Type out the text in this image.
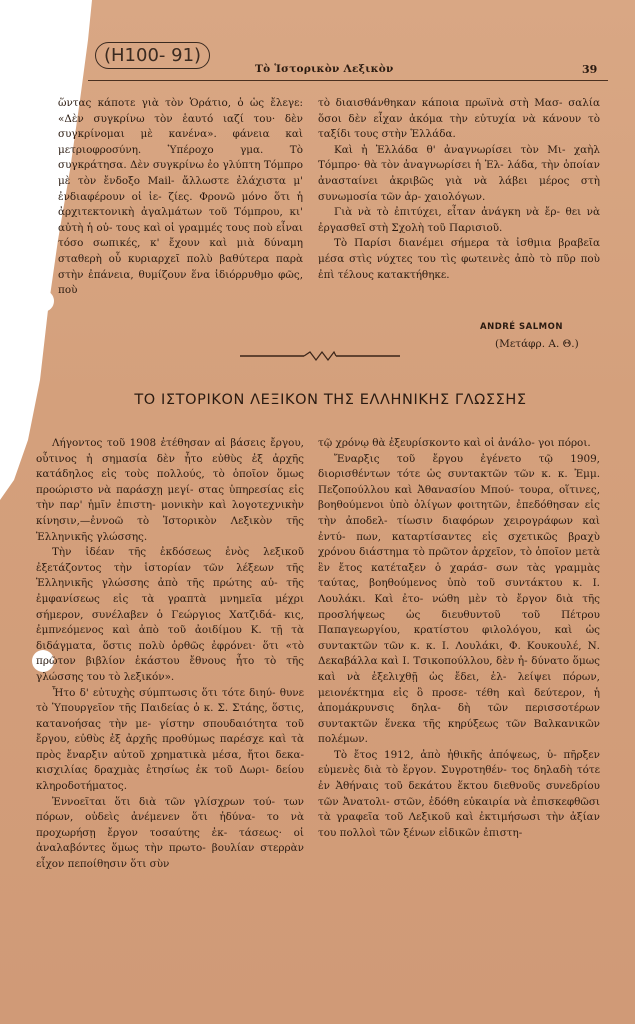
(Η100- 91)
Τὸ Ἱστορικὸν Λεξικὸν	39

ὥντας κάποτε γιὰ τὸν Ὁράτιο, ὁ ὡς ἔλεγε: «Δὲν συγκρίνω τὸν ἑαυτό ιαζί του· δὲν συγκρίνομαι μὲ κανένα». φάνεια καὶ μετριοφροσύνη. Ὑπέροχο γμα. Τὸ συγκράτησα. Δὲν συγκρίνω ἐο γλύπτη Τόμπρο μὲ τὸν ἔνδοξο Mail- ἄλλωστε ἐλάχιστα μ' ἐνδιαφέρουν οἱ ἱε- ζίες. Φρονῶ μόνο ὅτι ἡ ἀρχιτεκτονικὴ ἀγαλμάτων τοῦ Τόμπρου, κι' αὐτὴ ἡ οὐ- τους καὶ οἱ γραμμές τους ποὺ εἶναι τόσο σωπικές, κ' ἔχουν καὶ μιὰ δύναμη σταθερὴ οὗ κυριαρχεῖ πολὺ βαθύτερα παρὰ στὴν ἐπάνεια, θυμίζουν ἕνα ἰδιόρρυθμο φῶς, ποὺ

τὸ διαισθάνθηκαν κάποια πρωϊνὰ στὴ Μασ- σαλία ὅσοι δὲν εἶχαν ἀκόμα τὴν εὐτυχία νὰ κάνουν τὸ ταξίδι τους στὴν Ἑλλάδα.

Καὶ ἡ Ἑλλάδα θ' ἀναγνωρίσει τὸν Μι- χαὴλ Τόμπρο· θὰ τὸν ἀναγνωρίσει ἡ Ἑλ- λάδα, τὴν ὁποίαν ἀνασταίνει ἀκριβῶς γιὰ νὰ λάβει μέρος στὴ συνωμοσία τῶν ἀρ- χαιολόγων.

Γιὰ νὰ τὸ ἐπιτύχει, εἶταν ἀνάγκη νὰ ἔρ- θει νὰ ἐργασθεῖ στὴ Σχολὴ τοῦ Παρισιοῦ.

Τὸ Παρίσι διανέμει σήμερα τὰ ἰσθμια βραβεῖα μέσα στὶς νύχτες του τὶς φωτεινὲς ἀπὸ τὸ πῦρ ποὺ ἐπὶ τέλους κατακτήθηκε.

ANDRÉ SALMON
(Μετάφρ. Α. Θ.)
ΤΟ ΙΣΤΟΡΙΚΟΝ ΛΕΞΙΚΟΝ ΤΗΣ ΕΛΛΗΝΙΚΗΣ ΓΛΩΣΣΗΣ

Λήγοντος τοῦ 1908 ἐτέθησαν αἱ βάσεις ἔργου, οὗτινος ἡ σημασία δὲν ἦτο εὐθὺς ἐξ ἀρχῆς κατάδηλος εἰς τοὺς πολλούς, τὸ ὁποῖον ὅμως προώριστο νὰ παράσχῃ μεγί- στας ὑπηρεσίας εἰς τὴν παρ' ἡμῖν ἐπιστη- μονικὴν καὶ λογοτεχνικὴν κίνησιν,—ἐννοῶ τὸ Ἱστορικὸν Λεξικὸν τῆς Ἑλληνικῆς γλώσσης.

Τὴν ἰδέαν τῆς ἐκδόσεως ἑνὸς λεξικοῦ ἐξετάζοντος τὴν ἱστορίαν τῶν λέξεων τῆς Ἑλληνικῆς γλώσσης ἀπὸ τῆς πρώτης αὐ- τῆς ἐμφανίσεως εἰς τὰ γραπτὰ μνημεῖα μέχρι σήμερον, συνέλαβεν ὁ Γεώργιος Χατζιδά- κις, ἐμπνεόμενος καὶ ἀπὸ τοῦ ἀοιδίμου Κ. τῇ τὰ διδάγματα, ὅστις πολὺ ὀρθῶς ἐφρόνει· ὅτι «τὸ πρῶτον βιβλίον ἑκάστου ἔθνους ἦτο τὸ τῆς γλώσσης του τὸ λεξικόν».

Ἦτο δ' εὐτυχὴς σύμπτωσις ὅτι τότε διηύ- θυνε τὸ Ὑπουργεῖον τῆς Παιδείας ὁ κ. Σ. Στάης, ὅστις, κατανοήσας τὴν με- γίστην σπουδαιότητα τοῦ ἔργου, εὐθὺς ἐξ ἀρχῆς προθύμως παρέσχε καὶ τὰ πρὸς ἔναρξιν αὐτοῦ χρηματικὰ μέσα, ἤτοι δεκα- κισχιλίας δραχμὰς ἐτησίως ἐκ τοῦ Δωρι- δείου κληροδοτήματος.

Ἐννοεῖται ὅτι διὰ τῶν γλίσχρων τού- των πόρων, οὐδεὶς ἀνέμενεν ὅτι ἠδύνα- το νὰ προχωρήσῃ ἔργον τοσαύτης ἐκ- τάσεως· οἱ ἀναλαβόντες ὅμως τὴν πρωτο- βουλίαν στερρὰν εἶχον πεποίθησιν ὅτι σὺν

τῷ χρόνῳ θὰ ἐξευρίσκοντο καὶ οἱ ἀνάλο- γοι πόροι.

Ἔναρξις τοῦ ἔργου ἐγένετο τῷ 1909, διορισθέντων τότε ὡς συντακτῶν τῶν κ. κ. Ἐμμ. Πεζοπούλλου καὶ Ἀθανασίου Μπού- τουρα, οἵτινες, βοηθούμενοι ὑπὸ ὀλίγων φοιτητῶν, ἐπεδόθησαν εἰς τὴν ἀποδελ- τίωσιν διαφόρων χειρογράφων καὶ ἐντύ- πων, καταρτίσαντες εἰς σχετικῶς βραχὺ χρόνου διάστημα τὸ πρῶτον ἀρχεῖον, τὸ ὁποῖον μετὰ ἓν ἔτος κατέταξεν ὁ χαράσ- σων τὰς γραμμὰς ταύτας, βοηθούμενος ὑπὸ τοῦ συντάκτου κ. Ι. Λουλάκι. Καὶ ἐτο- νώθη μὲν τὸ ἔργον διὰ τῆς προσλήψεως ὡς διευθυντοῦ τοῦ Πέτρου Παπαγεωργίου, κρατίστου φιλολόγου, καὶ ὡς συντακτῶν τῶν κ. κ. Ι. Λουλάκι, Φ. Κουκουλέ, Ν. Δεκαβάλλα καὶ Ι. Τσικοπούλλου, δὲν ἠ- δύνατο ὅμως καὶ νὰ ἐξελιχθῇ ὡς ἔδει, ἐλ- λείψει πόρων, μειονέκτημα εἰς ὃ προσε- τέθη καὶ δεύτερον, ἡ ἀπομάκρυνσις δηλα- δὴ τῶν περισσοτέρων συντακτῶν ἕνεκα τῆς κηρύξεως τῶν Βαλκανικῶν πολέμων.

Τὸ ἔτος 1912, ἀπὸ ἠθικῆς ἀπόψεως, ὑ- πῆρξεν εὐμενὲς διὰ τὸ ἔργον. Συγροτηθέν- τος δηλαδὴ τότε ἐν Ἀθήναις τοῦ δεκάτου ἕκτου διεθνοῦς συνεδρίου τῶν Ἀνατολι- στῶν, ἐδόθη εὐκαιρία νὰ ἐπισκεφθῶσι τὰ γραφεῖα τοῦ Λεξικοῦ καὶ ἐκτιμήσωσι τὴν ἀξίαν του πολλοὶ τῶν ξένων εἰδικῶν ἐπιστη-
